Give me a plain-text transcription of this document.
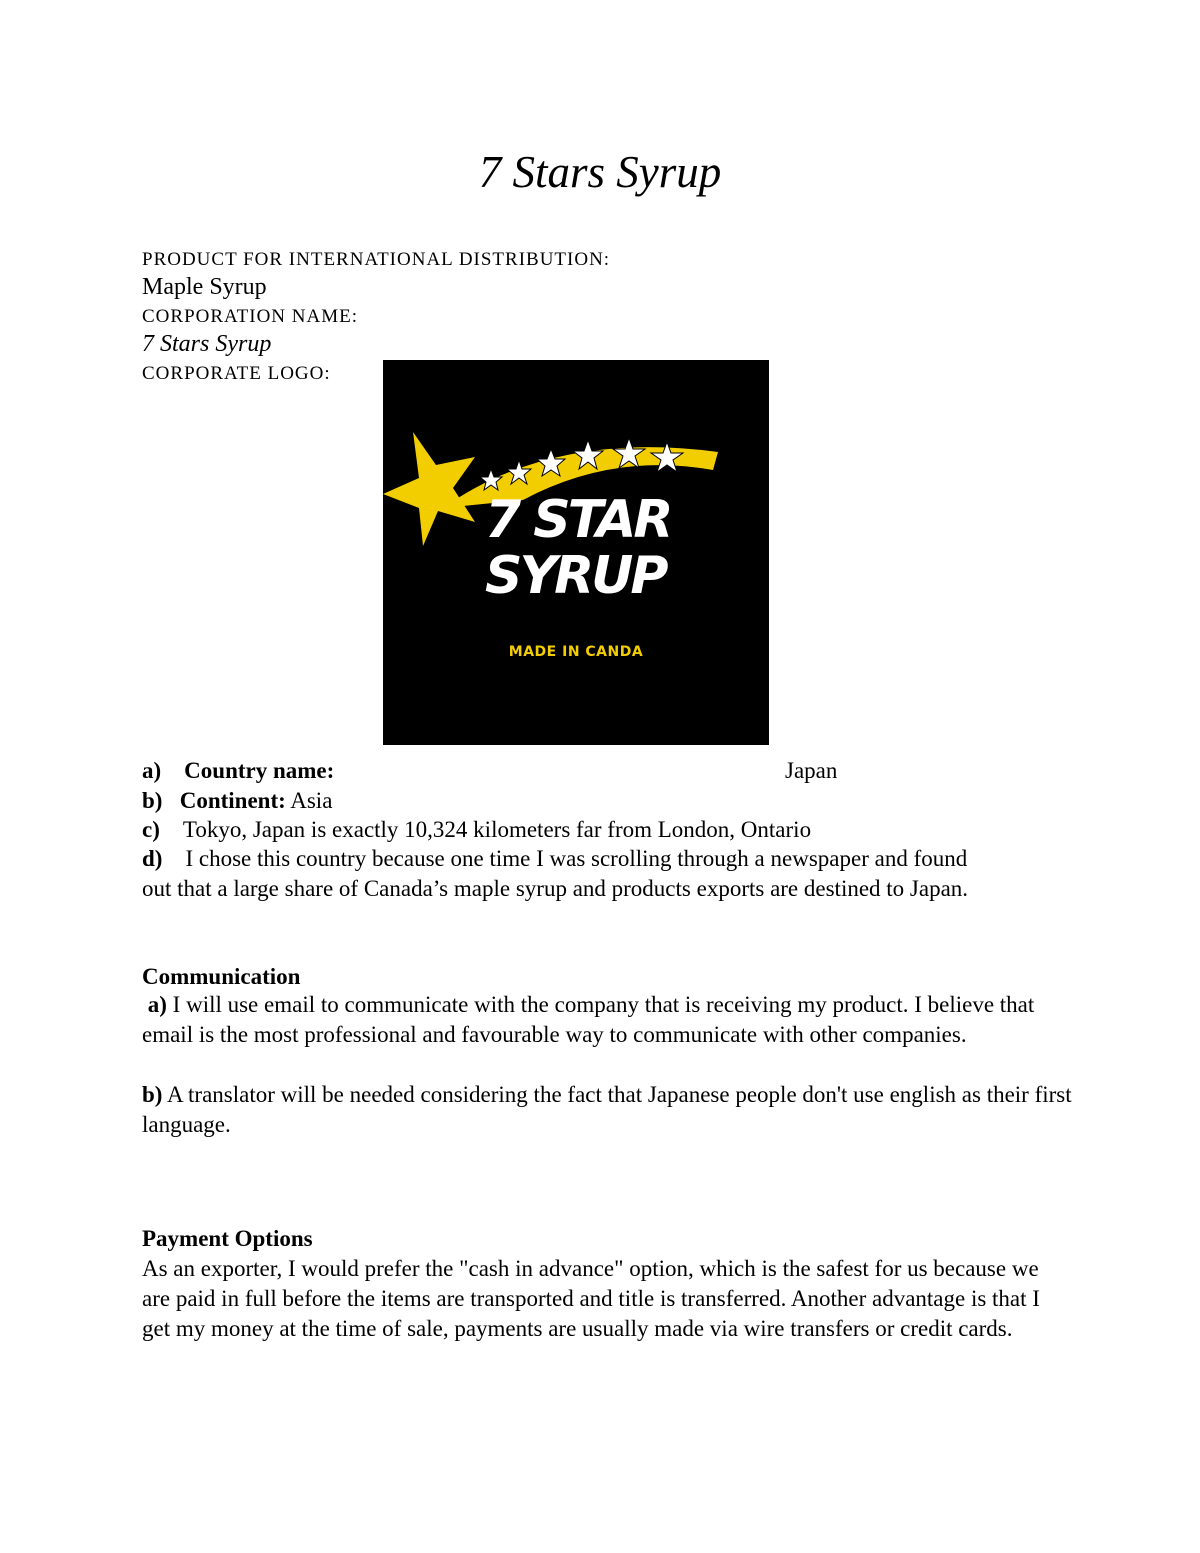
7 Stars Syrup
PRODUCT FOR INTERNATIONAL DISTRIBUTION:
Maple Syrup
CORPORATION NAME:
7 Stars Syrup
CORPORATE LOGO:
7 STAR
SYRUP
MADE IN CANDA
a) Country name:	Japan
b) Continent: Asia
c) Tokyo, Japan is exactly 10,324 kilometers far from London, Ontario
d) I chose this country because one time I was scrolling through a newspaper and found
out that a large share of Canada’s maple syrup and products exports are destined to Japan.
Communication
a) I will use email to communicate with the company that is receiving my product. I believe that email is the most professional and favourable way to communicate with other companies.
b) A translator will be needed considering the fact that Japanese people don't use english as their first language.
Payment Options
As an exporter, I would prefer the "cash in advance" option, which is the safest for us because we are paid in full before the items are transported and title is transferred. Another advantage is that I get my money at the time of sale, payments are usually made via wire transfers or credit cards.
